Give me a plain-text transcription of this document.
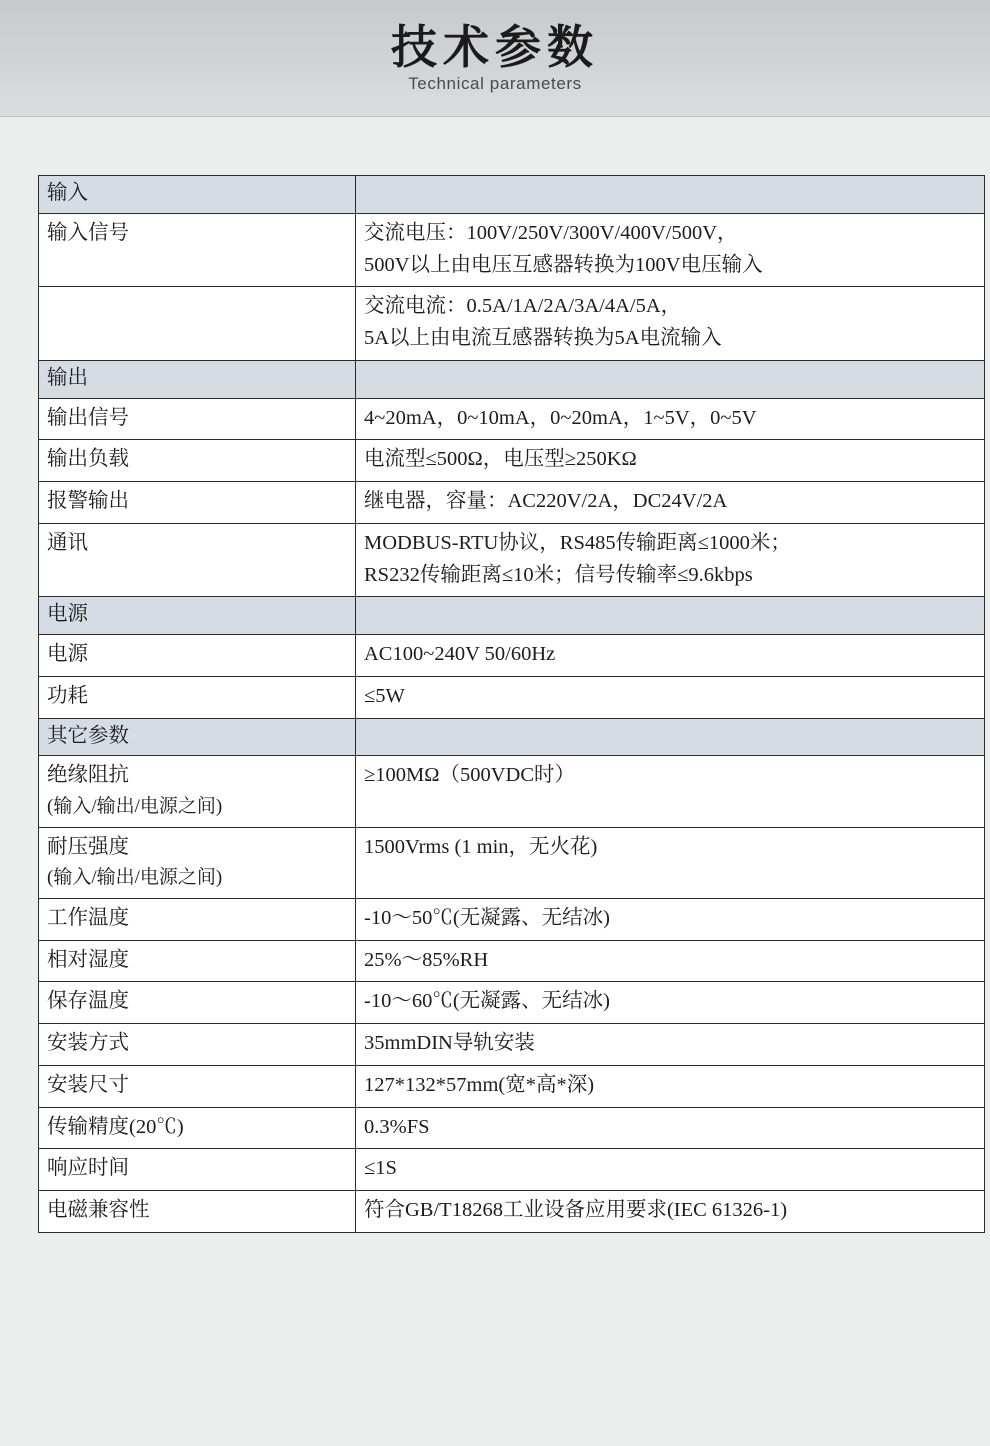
技术参数
Technical parameters
输入	
输入信号	交流电压：100V/250V/300V/400V/500V，
500V以上由电压互感器转换为100V电压输入

	交流电流：0.5A/1A/2A/3A/4A/5A，
5A以上由电流互感器转换为5A电流输入

输出	
输出信号	4~20mA，0~10mA，0~20mA，1~5V，0~5V

输出负载	电流型≤500Ω，电压型≥250KΩ

报警输出	继电器，容量：AC220V/2A，DC24V/2A

通讯	MODBUS-RTU协议，RS485传输距离≤1000米；
RS232传输距离≤10米；信号传输率≤9.6kbps

电源	
电源	AC100~240V 50/60Hz

功耗	≤5W

其它参数	
绝缘阻抗
(输入/输出/电源之间)	≥100MΩ（500VDC时）

耐压强度
(输入/输出/电源之间)	1500Vrms (1 min，无火花)

工作温度	-10～50℃(无凝露、无结冰)

相对湿度	25%～85%RH

保存温度	-10～60℃(无凝露、无结冰)

安装方式	35mmDIN导轨安装

安装尺寸	127*132*57mm(宽*高*深)

传输精度(20℃)	0.3%FS

响应时间	≤1S

电磁兼容性	符合GB/T18268工业设备应用要求(IEC 61326-1)
